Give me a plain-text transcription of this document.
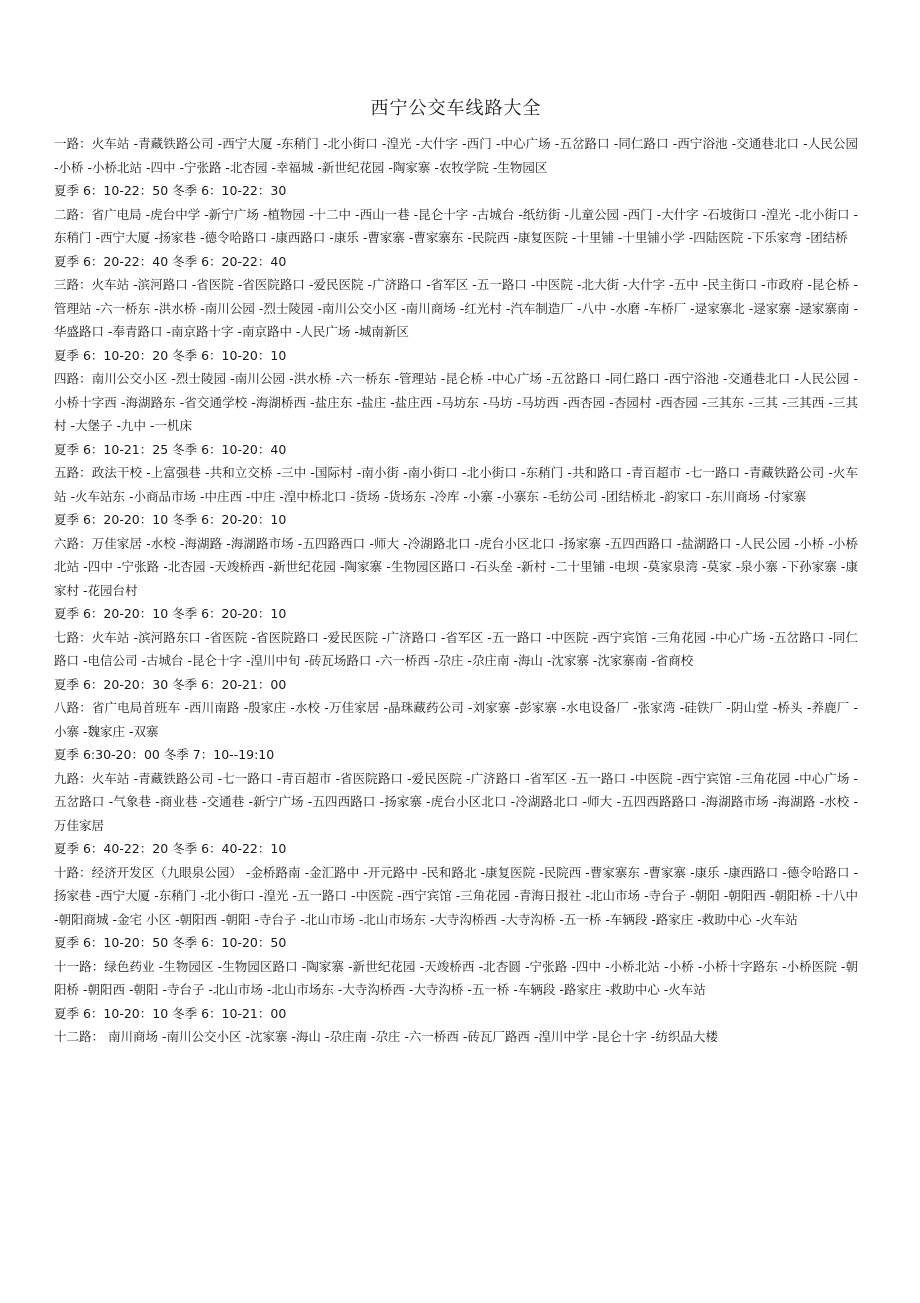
西宁公交车线路大全

一路：火车站 -青藏铁路公司 -西宁大厦 -东稍门 -北小街口 -湟光 -大什字 -西门 -中心广场 -五岔路口 -同仁路口 -西宁浴池 -交通巷北口 -人民公园 -小桥 -小桥北站 -四中 -宁张路 -北杏园 -幸福城 -新世纪花园 -陶家寨 -农牧学院 -生物园区

夏季 6：10-22：50 冬季 6：10-22：30

二路：省广电局 -虎台中学 -新宁广场 -植物园 -十二中 -西山一巷 -昆仑十字 -古城台 -纸纺街 -儿童公园 -西门 -大什字 -石坡街口 -湟光 -北小街口 -东稍门 -西宁大厦 -扬家巷 -德令哈路口 -康西路口 -康乐 -曹家寨 -曹家寨东 -民院西 -康复医院 -十里铺 -十里铺小学 -四陆医院 -下乐家弯 -团结桥

夏季 6：20-22：40 冬季 6：20-22：40

三路：火车站 -滨河路口 -省医院 -省医院路口 -爱民医院 -广济路口 -省军区 -五一路口 -中医院 -北大街 -大什字 -五中 -民主街口 -市政府 -昆仑桥 -管理站 -六一桥东 -洪水桥 -南川公园 -烈士陵园 -南川公交小区 -南川商场 -红光村 -汽车制造厂 -八中 -水磨 -车桥厂 -逯家寨北 -逯家寨 -逯家寨南 -华盛路口 -奉青路口 -南京路十字 -南京路中 -人民广场 -城南新区

夏季 6：10-20：20 冬季 6：10-20：10

四路：南川公交小区 -烈士陵园 -南川公园 -洪水桥 -六一桥东 -管理站 -昆仑桥 -中心广场 -五岔路口 -同仁路口 -西宁浴池 -交通巷北口 -人民公园 -小桥十字西 -海湖路东 -省交通学校 -海湖桥西 -盐庄东 -盐庄 -盐庄西 -马坊东 -马坊 -马坊西 -西杏园 -杏园村 -西杏园 -三其东 -三其 -三其西 -三其村 -大堡子 -九中 -一机床

夏季 6：10-21：25 冬季 6：10-20：40

五路：政法干校 -上富强巷 -共和立交桥 -三中 -国际村 -南小街 -南小街口 -北小街口 -东稍门 -共和路口 -青百超市 -七一路口 -青藏铁路公司 -火车站 -火车站东 -小商品市场 -中庄西 -中庄 -湟中桥北口 -货场 -货场东 -冷库 -小寨 -小寨东 -毛纺公司 -团结桥北 -韵家口 -东川商场 -付家寨

夏季 6：20-20：10 冬季 6：20-20：10

六路：万佳家居 -水校 -海湖路 -海湖路市场 -五四路西口 -师大 -冷湖路北口 -虎台小区北口 -扬家寨 -五四西路口 -盐湖路口 -人民公园 -小桥 -小桥北站 -四中 -宁张路 -北杏园 -天竣桥西 -新世纪花园 -陶家寨 -生物园区路口 -石头垒 -新村 -二十里铺 -电坝 -莫家泉湾 -莫家 -泉小寨 -下孙家寨 -康家村 -花园台村

夏季 6：20-20：10 冬季 6：20-20：10

七路：火车站 -滨河路东口 -省医院 -省医院路口 -爱民医院 -广济路口 -省军区 -五一路口 -中医院 -西宁宾馆 -三角花园 -中心广场 -五岔路口 -同仁路口 -电信公司 -古城台 -昆仑十字 -湟川中旬 -砖瓦场路口 -六一桥西 -尕庄 -尕庄南 -海山 -沈家寨 -沈家寨南 -省商校

夏季 6：20-20：30 冬季 6：20-21：00

八路：省广电局首班车 -西川南路 -殷家庄 -水校 -万佳家居 -晶珠藏药公司 -刘家寨 -彭家寨 -水电设备厂 -张家湾 -硅铁厂 -阴山堂 -桥头 -养鹿厂 -小寨 -魏家庄 -双寨

夏季 6:30-20：00 冬季 7：10--19:10

九路：火车站 -青藏铁路公司 -七一路口 -青百超市 -省医院路口 -爱民医院 -广济路口 -省军区 -五一路口 -中医院 -西宁宾馆 -三角花园 -中心广场 -五岔路口 -气象巷 -商业巷 -交通巷 -新宁广场 -五四西路口 -扬家寨 -虎台小区北口 -冷湖路北口 -师大 -五四西路路口 -海湖路市场 -海湖路 -水校 -万佳家居

夏季 6：40-22：20 冬季 6：40-22：10

十路：经济开发区（九眼泉公园） -金桥路南 -金汇路中 -开元路中 -民和路北 -康复医院 -民院西 -曹家寨东 -曹家寨 -康乐 -康西路口 -德令哈路口 -扬家巷 -西宁大厦 -东稍门 -北小街口 -湟光 -五一路口 -中医院 -西宁宾馆 -三角花园 -青海日报社 -北山市场 -寺台子 -朝阳 -朝阳西 -朝阳桥 -十八中 -朝阳商城 -金宅 小区 -朝阳西 -朝阳 -寺台子 -北山市场 -北山市场东 -大寺沟桥西 -大寺沟桥 -五一桥 -车辆段 -路家庄 -救助中心 -火车站

夏季 6：10-20：50 冬季 6：10-20：50

十一路：绿色药业 -生物园区 -生物园区路口 -陶家寨 -新世纪花园 -天竣桥西 -北杏圆 -宁张路 -四中 -小桥北站 -小桥 -小桥十字路东 -小桥医院 -朝阳桥 -朝阳西 -朝阳 -寺台子 -北山市场 -北山市场东 -大寺沟桥西 -大寺沟桥 -五一桥 -车辆段 -路家庄 -救助中心 -火车站

夏季 6：10-20：10 冬季 6：10-21：00

十二路： 南川商场 -南川公交小区 -沈家寨 -海山 -尕庄南 -尕庄 -六一桥西 -砖瓦厂路西 -湟川中学 -昆仑十字 -纺织品大楼
